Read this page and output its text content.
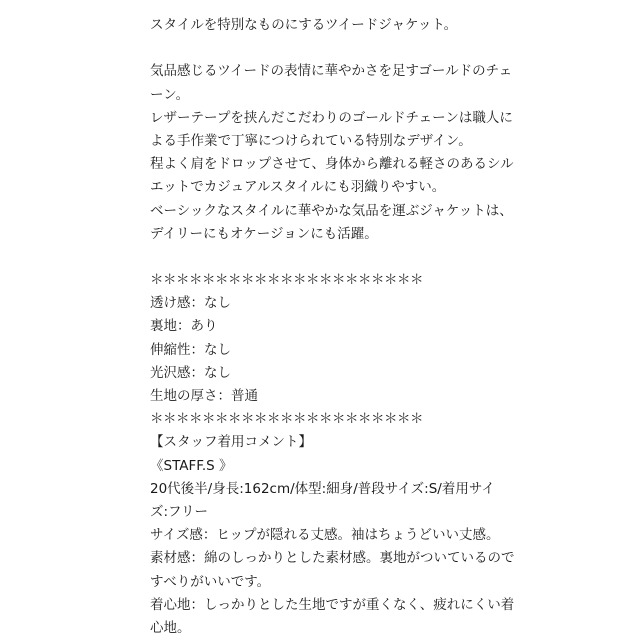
スタイルを特別なものにするツイードジャケット。
気品感じるツイードの表情に華やかさを足すゴールドのチェ
ーン。
レザーテープを挟んだこだわりのゴールドチェーンは職人に
よる手作業で丁寧につけられている特別なデザイン。
程よく肩をドロップさせて、身体から離れる軽さのあるシル
エットでカジュアルスタイルにも羽織りやすい。
ベーシックなスタイルに華やかな気品を運ぶジャケットは、
デイリーにもオケージョンにも活躍。
＊＊＊＊＊＊＊＊＊＊＊＊＊＊＊＊＊＊＊＊＊
透け感：なし
裏地：あり
伸縮性：なし
光沢感：なし
生地の厚さ：普通
＊＊＊＊＊＊＊＊＊＊＊＊＊＊＊＊＊＊＊＊＊
【スタッフ着用コメント】
《STAFF.S 》
20代後半/身長:162cm/体型:細身/普段サイズ:S/着用サイ
ズ:フリー
サイズ感：ヒップが隠れる丈感。袖はちょうどいい丈感。
素材感：綿のしっかりとした素材感。裏地がついているので
すべりがいいです。
着心地：しっかりとした生地ですが重くなく、疲れにくい着
心地。
